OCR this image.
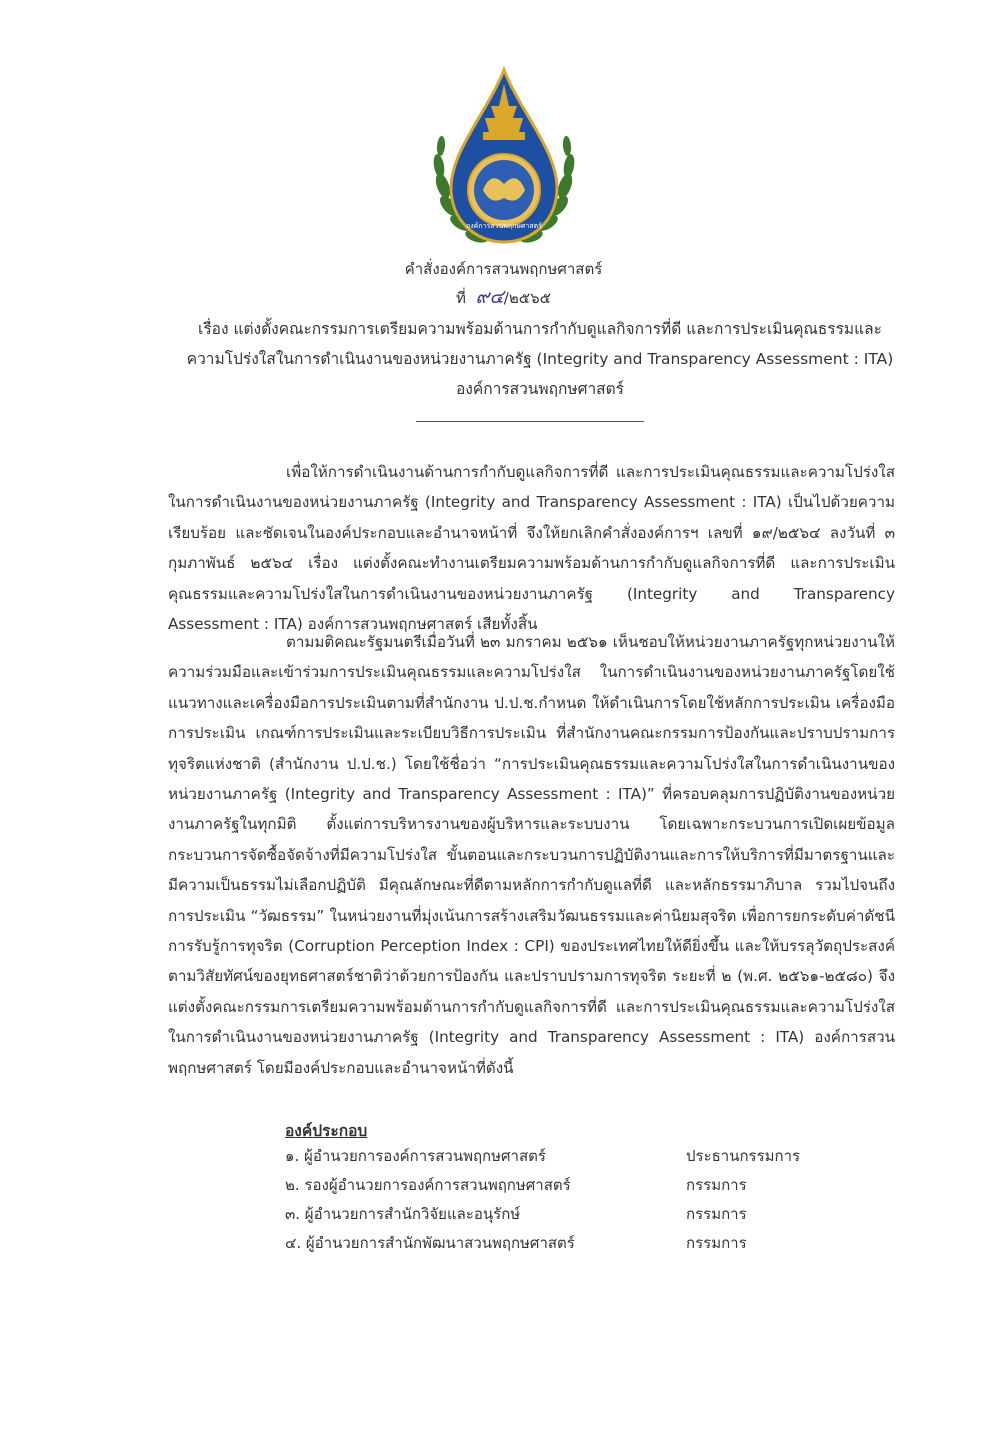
องค์การสวนพฤกษศาสตร์
คำสั่งองค์การสวนพฤกษศาสตร์
ที่ ๙๔/๒๕๖๕
เรื่อง แต่งตั้งคณะกรรมการเตรียมความพร้อมด้านการกำกับดูแลกิจการที่ดี และการประเมินคุณธรรมและ
ความโปร่งใสในการดำเนินงานของหน่วยงานภาครัฐ (Integrity and Transparency Assessment : ITA)
องค์การสวนพฤกษศาสตร์

เพื่อให้การดำเนินงานด้านการกำกับดูแลกิจการที่ดี และการประเมินคุณธรรมและความโปร่งใสในการดำเนินงานของหน่วยงานภาครัฐ (Integrity and Transparency Assessment : ITA) เป็นไปด้วยความเรียบร้อย และชัดเจนในองค์ประกอบและอำนาจหน้าที่ จึงให้ยกเลิกคำสั่งองค์การฯ เลขที่ ๑๙/๒๕๖๔ ลงวันที่ ๓ กุมภาพันธ์ ๒๕๖๔ เรื่อง แต่งตั้งคณะทำงานเตรียมความพร้อมด้านการกำกับดูแลกิจการที่ดี และการประเมินคุณธรรมและความโปร่งใสในการดำเนินงานของหน่วยงานภาครัฐ (Integrity and Transparency Assessment : ITA) องค์การสวนพฤกษศาสตร์ เสียทั้งสิ้น

ตามมติคณะรัฐมนตรีเมื่อวันที่ ๒๓ มกราคม ๒๕๖๑ เห็นชอบให้หน่วยงานภาครัฐทุกหน่วยงานให้ความร่วมมือและเข้าร่วมการประเมินคุณธรรมและความโปร่งใส ในการดำเนินงานของหน่วยงานภาครัฐโดยใช้แนวทางและเครื่องมือการประเมินตามที่สำนักงาน ป.ป.ช.กำหนด ให้ดำเนินการโดยใช้หลักการประเมิน เครื่องมือการประเมิน เกณฑ์การประเมินและระเบียบวิธีการประเมิน ที่สำนักงานคณะกรรมการป้องกันและปราบปรามการทุจริตแห่งชาติ (สำนักงาน ป.ป.ช.) โดยใช้ชื่อว่า “การประเมินคุณธรรมและความโปร่งใสในการดำเนินงานของหน่วยงานภาครัฐ (Integrity and Transparency Assessment : ITA)” ที่ครอบคลุมการปฏิบัติงานของหน่วยงานภาครัฐในทุกมิติ ตั้งแต่การบริหารงานของผู้บริหารและระบบงาน โดยเฉพาะกระบวนการเปิดเผยข้อมูลกระบวนการจัดซื้อจัดจ้างที่มีความโปร่งใส ขั้นตอนและกระบวนการปฏิบัติงานและการให้บริการที่มีมาตรฐานและมีความเป็นธรรมไม่เลือกปฏิบัติ มีคุณลักษณะที่ดีตามหลักการกำกับดูแลที่ดี และหลักธรรมาภิบาล รวมไปจนถึงการประเมิน “วัฒธรรม” ในหน่วยงานที่มุ่งเน้นการสร้างเสริมวัฒนธรรมและค่านิยมสุจริต เพื่อการยกระดับค่าดัชนีการรับรู้การทุจริต (Corruption Perception Index : CPI) ของประเทศไทยให้ดียิ่งขึ้น และให้บรรลุวัตถุประสงค์ตามวิสัยทัศน์ของยุทธศาสตร์ชาติว่าด้วยการป้องกัน และปราบปรามการทุจริต ระยะที่ ๒ (พ.ศ. ๒๕๖๑-๒๕๘๐) จึงแต่งตั้งคณะกรรมการเตรียมความพร้อมด้านการกำกับดูแลกิจการที่ดี และการประเมินคุณธรรมและความโปร่งใสในการดำเนินงานของหน่วยงานภาครัฐ (Integrity and Transparency Assessment : ITA) องค์การสวนพฤกษศาสตร์ โดยมีองค์ประกอบและอำนาจหน้าที่ดังนี้

องค์ประกอบ
๑. ผู้อำนวยการองค์การสวนพฤกษศาสตร์	ประธานกรรมการ
๒. รองผู้อำนวยการองค์การสวนพฤกษศาสตร์	กรรมการ
๓. ผู้อำนวยการสำนักวิจัยและอนุรักษ์	กรรมการ
๔. ผู้อำนวยการสำนักพัฒนาสวนพฤกษศาสตร์	กรรมการ
